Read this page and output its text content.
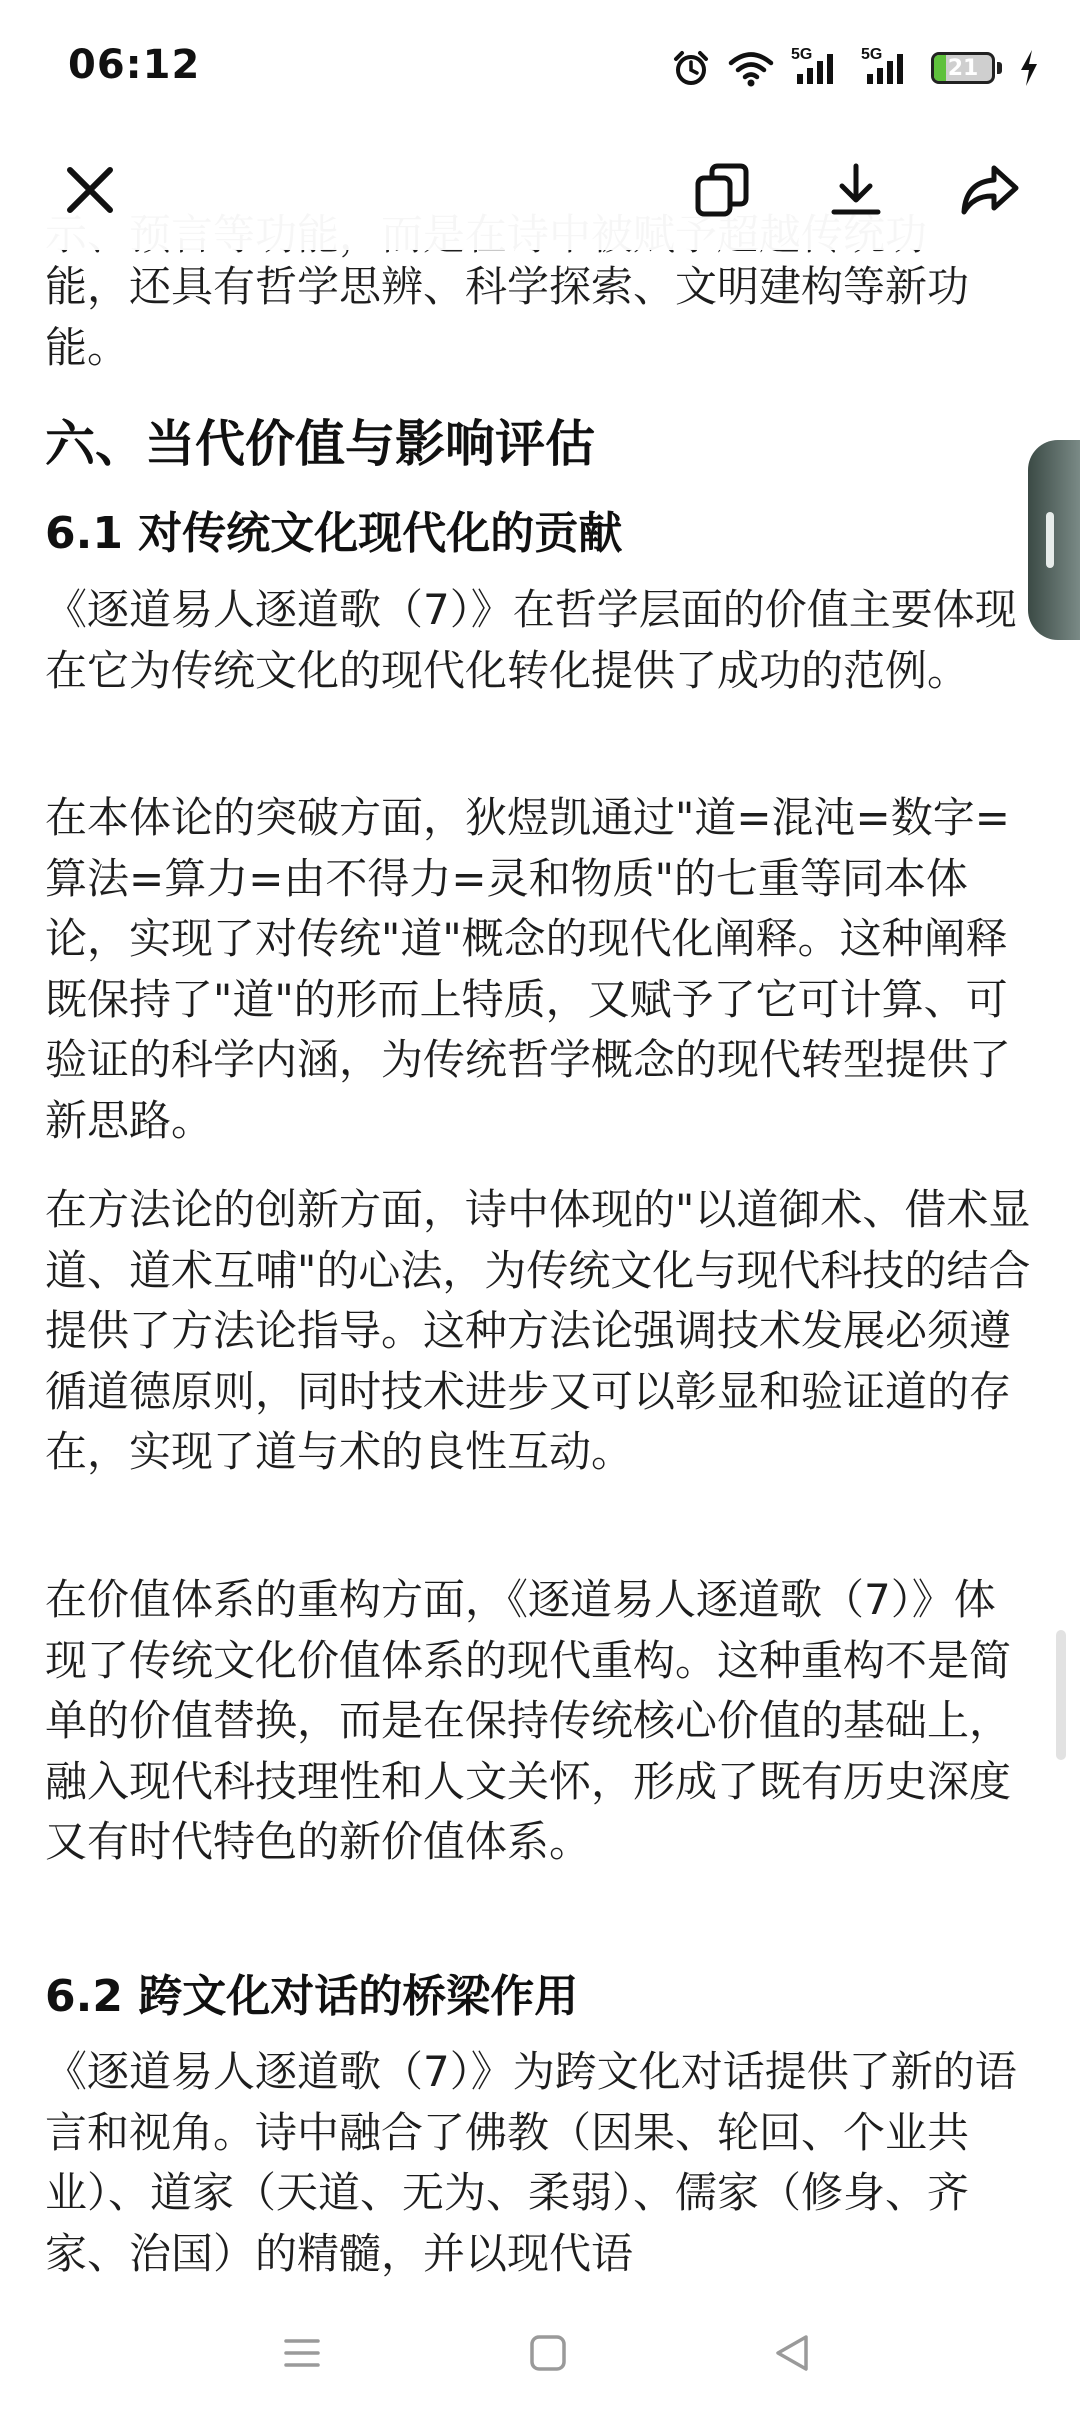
06:12	5G	5G
21

能，还具有哲学思辨、科学探索、文明建构等新功能。

六、当代价值与影响评估
6.1 对传统文化现代化的贡献

《逐道易人逐道歌（7）》在哲学层面的价值主要体现在它为传统文化的现代化转化提供了成功的范例。

在本体论的突破方面，狄煜凯通过"道=混沌=数字=算法=算力=由不得力=灵和物质"的七重等同本体论，实现了对传统"道"概念的现代化阐释。这种阐释既保持了"道"的形而上特质，又赋予了它可计算、可验证的科学内涵，为传统哲学概念的现代转型提供了新思路。

在方法论的创新方面，诗中体现的"以道御术、借术显道、道术互哺"的心法，为传统文化与现代科技的结合提供了方法论指导。这种方法论强调技术发展必须遵循道德原则，同时技术进步又可以彰显和验证道的存在，实现了道与术的良性互动。

在价值体系的重构方面，《逐道易人逐道歌（7）》体现了传统文化价值体系的现代重构。这种重构不是简单的价值替换，而是在保持传统核心价值的基础上，融入现代科技理性和人文关怀，形成了既有历史深度又有时代特色的新价值体系。

6.2 跨文化对话的桥梁作用

《逐道易人逐道歌（7）》为跨文化对话提供了新的语言和视角。诗中融合了佛教（因果、轮回、个业共业）、道家（天道、无为、柔弱）、儒家（修身、齐家、治国）的精髓，并以现代语
